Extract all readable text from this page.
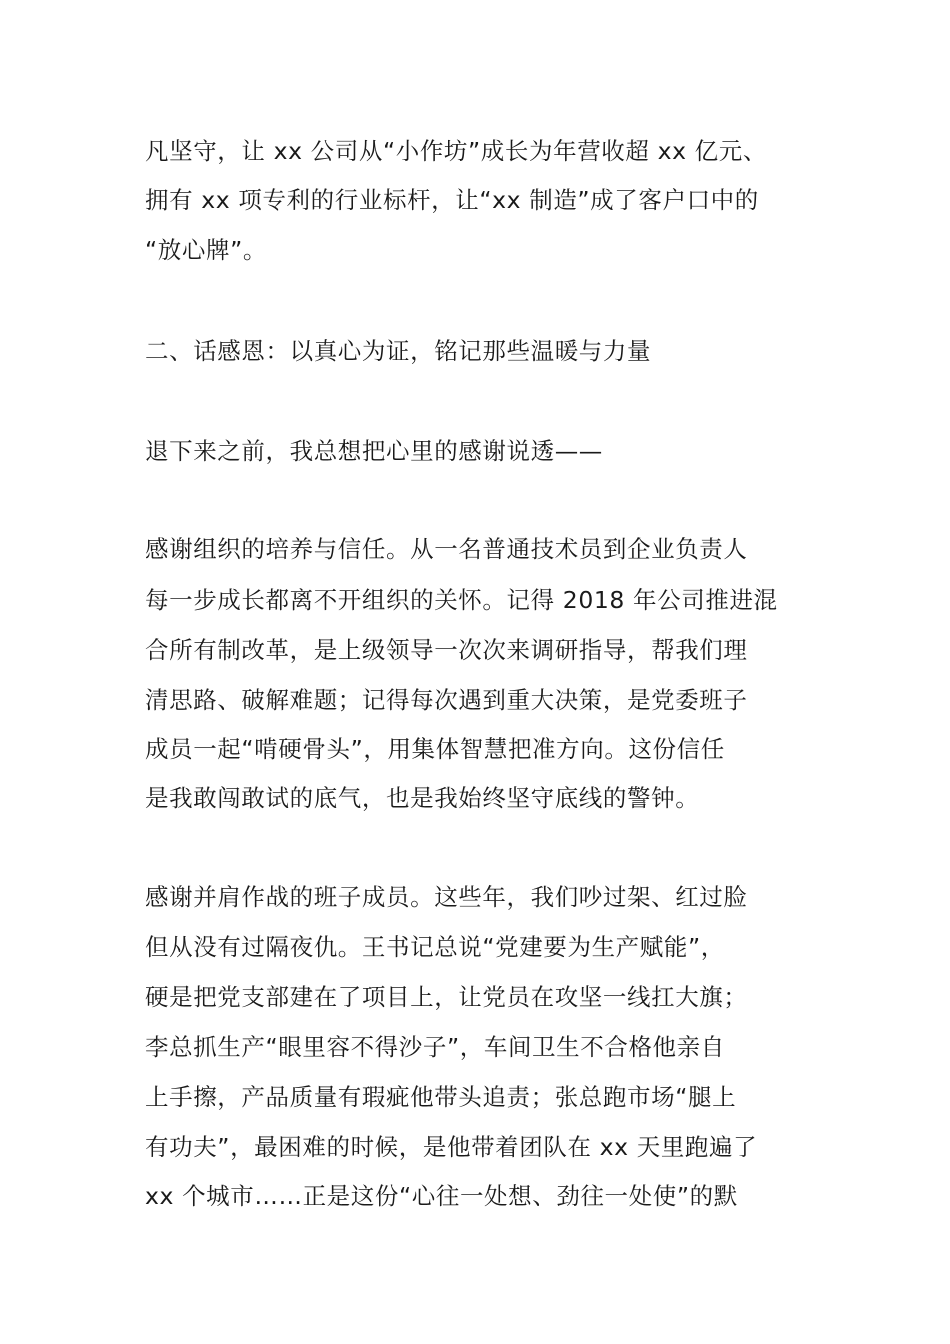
凡坚守，让 xx 公司从“小作坊”成长为年营收超 xx 亿元、
拥有 xx 项专利的行业标杆，让“xx 制造”成了客户口中的
“放心牌”。
二、话感恩：以真心为证，铭记那些温暖与力量
退下来之前，我总想把心里的感谢说透——
感谢组织的培养与信任。从一名普通技术员到企业负责人
每一步成长都离不开组织的关怀。记得 2018 年公司推进混
合所有制改革，是上级领导一次次来调研指导，帮我们理
清思路、破解难题；记得每次遇到重大决策，是党委班子
成员一起“啃硬骨头”，用集体智慧把准方向。这份信任
是我敢闯敢试的底气，也是我始终坚守底线的警钟。
感谢并肩作战的班子成员。这些年，我们吵过架、红过脸
但从没有过隔夜仇。王书记总说“党建要为生产赋能”，
硬是把党支部建在了项目上，让党员在攻坚一线扛大旗；
李总抓生产“眼里容不得沙子”，车间卫生不合格他亲自
上手擦，产品质量有瑕疵他带头追责；张总跑市场“腿上
有功夫”，最困难的时候，是他带着团队在 xx 天里跑遍了
xx 个城市……正是这份“心往一处想、劲往一处使”的默
